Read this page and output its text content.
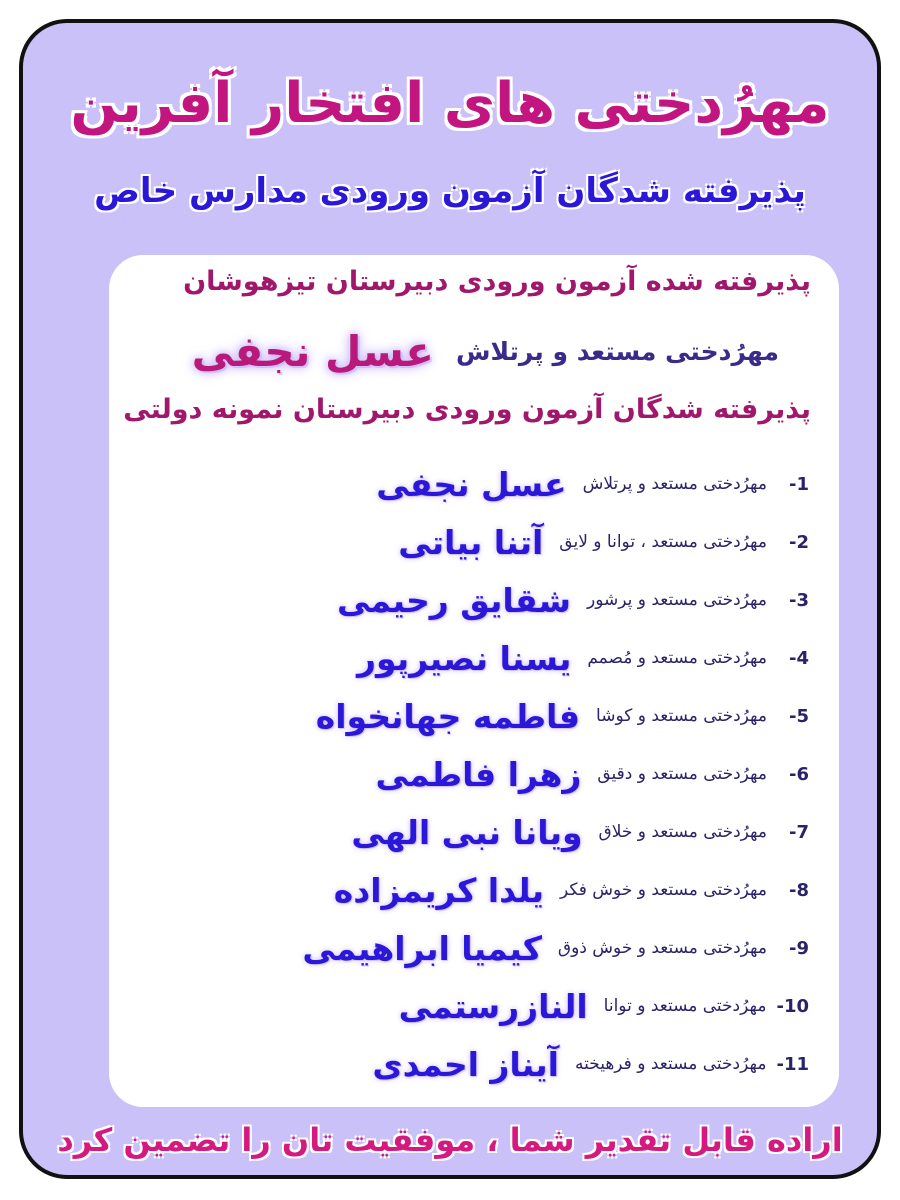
مهرُدختی های افتخار آفرین
پذیرفته شدگان آزمون ورودی مدارس خاص
پذیرفته شده آزمون ورودی دبیرستان تیزهوشان
مهرُدختی مستعد و پرتلاش
عسل نجفی
پذیرفته شدگان آزمون ورودی دبیرستان نمونه دولتی
1-
مهرُدختی مستعد و پرتلاش
عسل نجفی
2-
مهرُدختی مستعد ، توانا و لایق
آتنا بیاتی
3-
مهرُدختی مستعد و پرشور
شقایق رحیمی
4-
مهرُدختی مستعد و مُصمم
یسنا نصیرپور
5-
مهرُدختی مستعد و کوشا
فاطمه جهانخواه
6-
مهرُدختی مستعد و دقیق
زهرا فاطمی
7-
مهرُدختی مستعد و خلاق
ویانا نبی الهی
8-
مهرُدختی مستعد و خوش فکر
یلدا کریمزاده
9-
مهرُدختی مستعد و خوش ذوق
کیمیا ابراهیمی
10-
مهرُدختی مستعد و توانا
النازرستمی
11-
مهرُدختی مستعد و فرهیخته
آیناز احمدی
اراده قابل تقدیر شما ، موفقیت تان را تضمین کرد
